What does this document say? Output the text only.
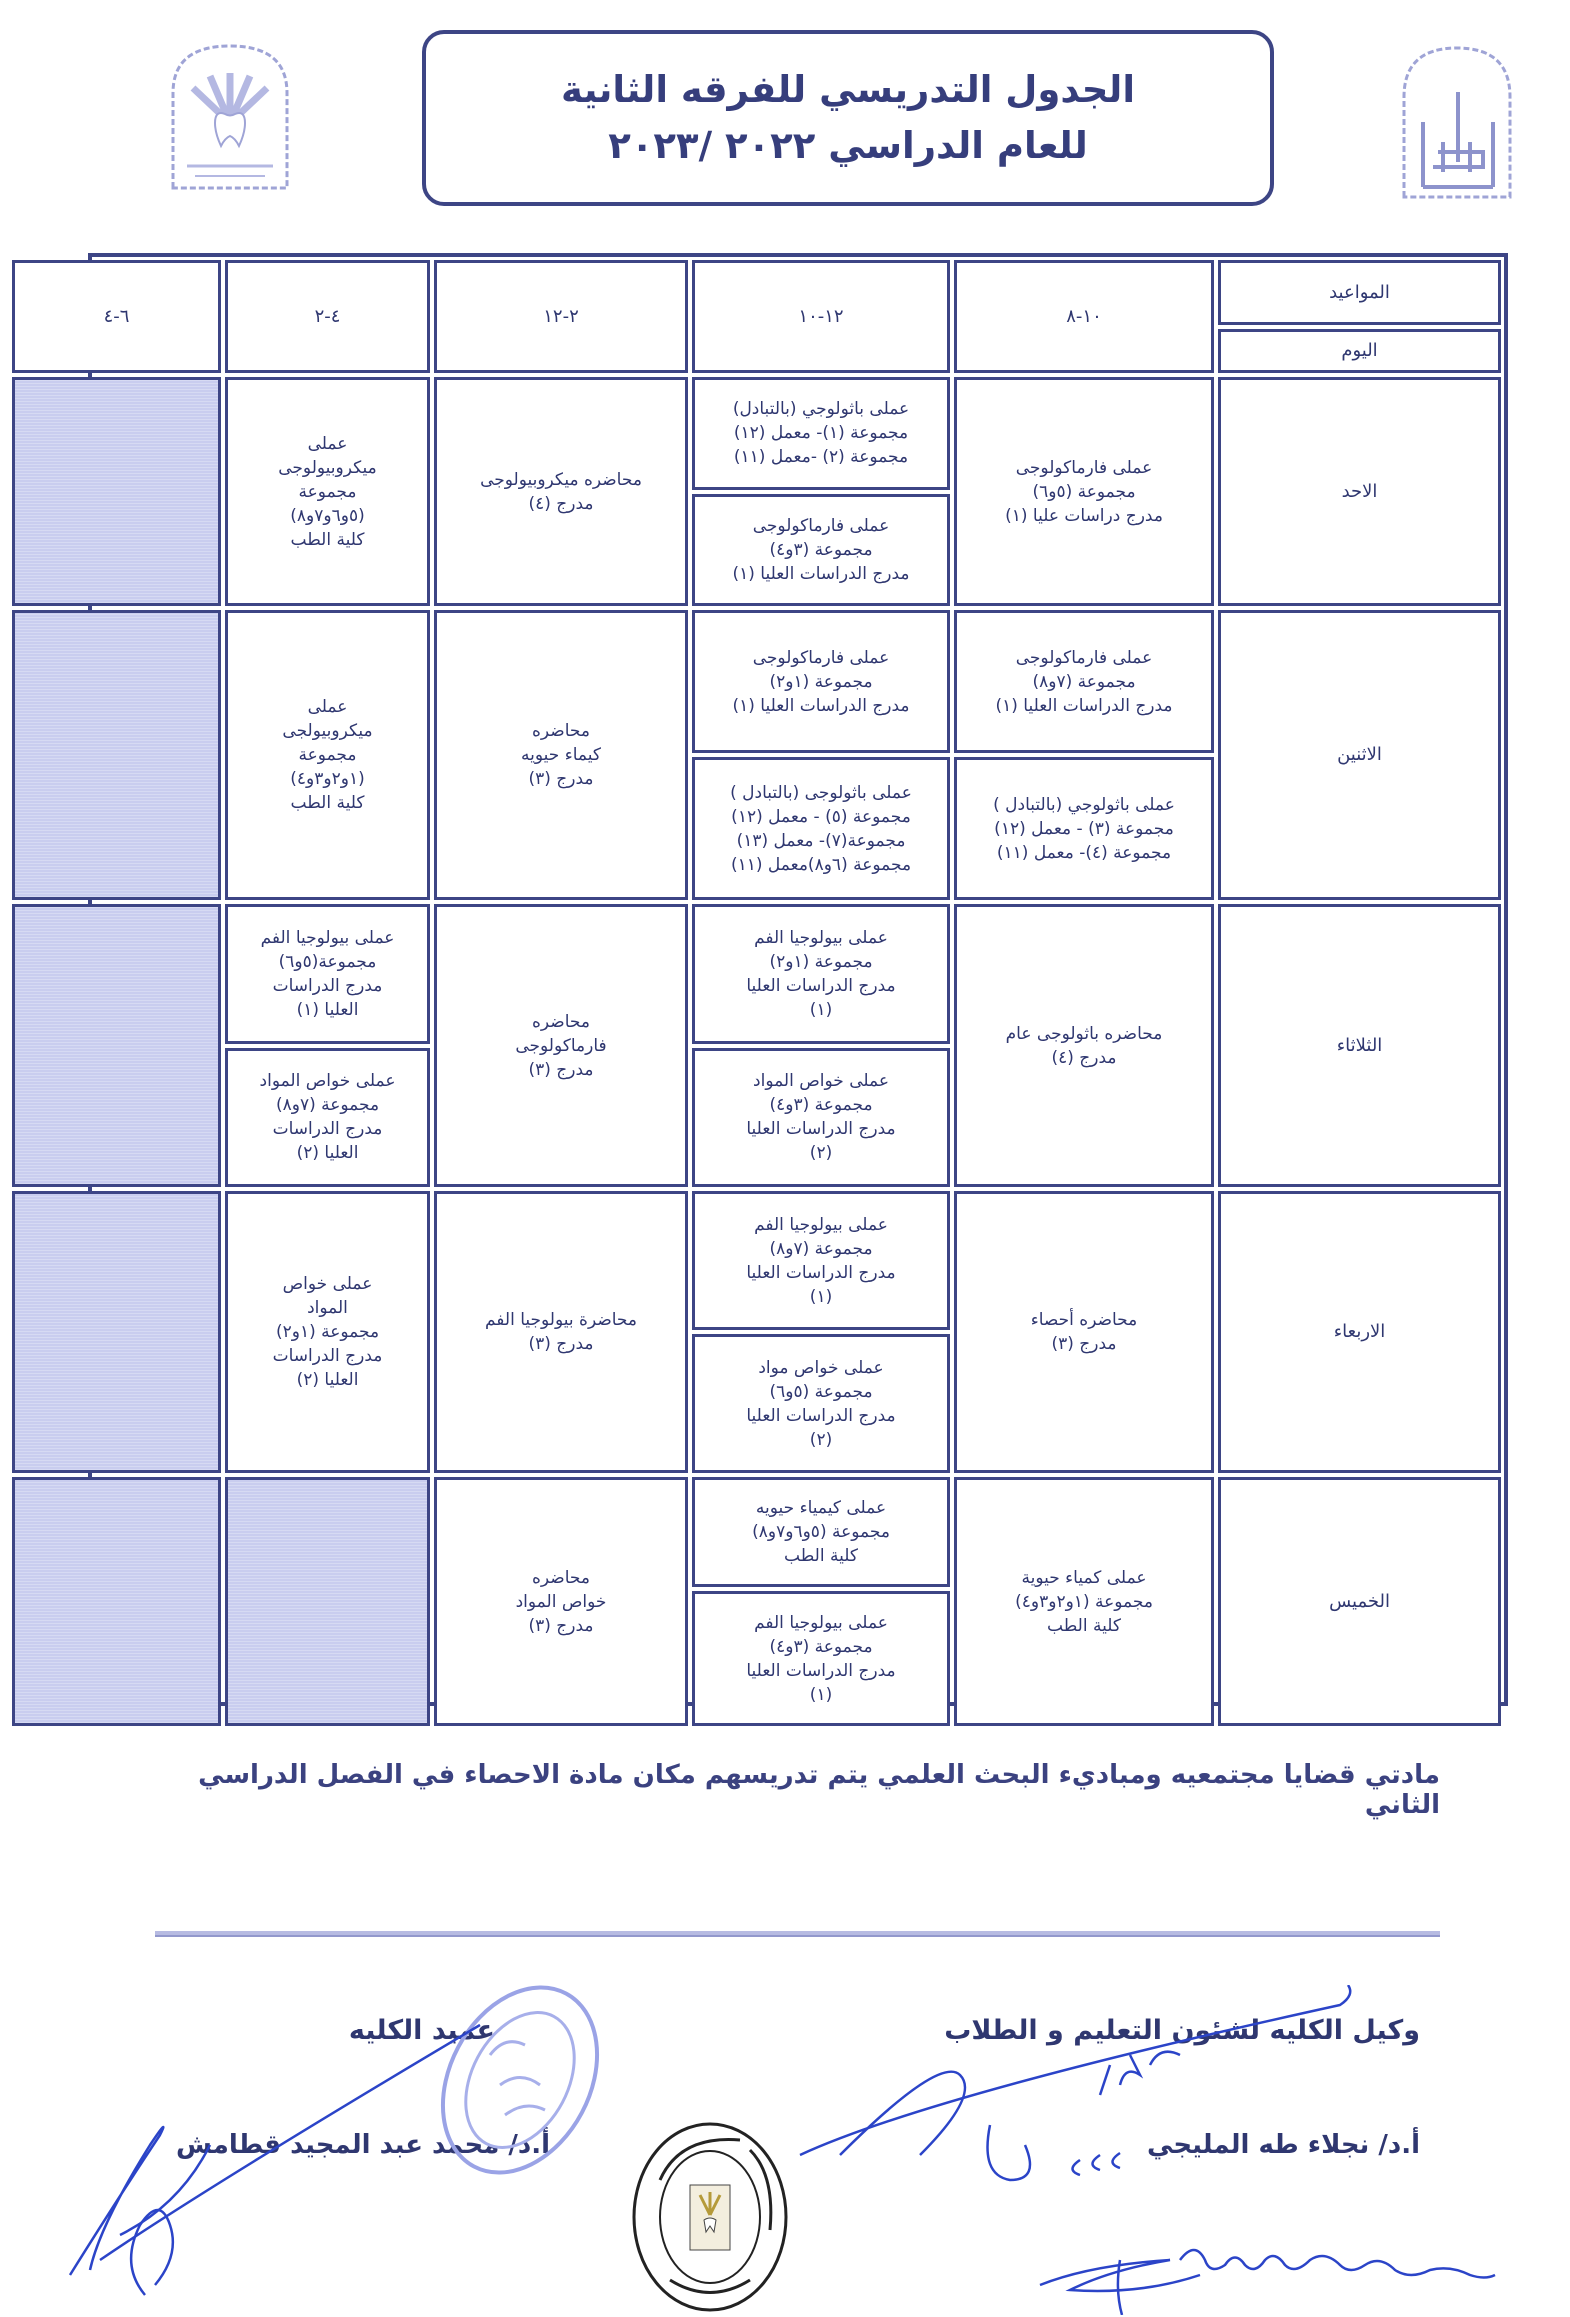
الجدول التدريسي للفرقه الثانية
للعام الدراسي ٢٠٢٢ /٢٠٢٣
المواعيد
اليوم
١٠-٨
١٢-١٠
٢-١٢
٤-٢
٦-٤
الاحد
عملى فارماكولوجى
مجموعة (٥و٦)
مدرج دراسات عليا (١)
عملى باثولوجي (بالتبادل)
مجموعة (١)- معمل (١٢)
مجموعة (٢) -معمل (١١)
عملى فارماكولوجى
مجموعة (٣و٤)
مدرج الدراسات العليا (١)
محاضره ميكروبيولوجى
مدرج (٤)
عملى
ميكروبيولوجى
مجموعة
(٥و٦و٧و٨)
كلية الطب
الاثنين
عملى فارماكولوجى
مجموعة (٧و٨)
مدرج الدراسات العليا (١)
عملى باثولوجي (بالتبادل )
مجموعة (٣) - معمل (١٢)
مجموعة (٤)- معمل (١١)
عملى فارماكولوجى
مجموعة (١و٢)
مدرج الدراسات العليا (١)
عملى باثولوجى (بالتبادل )
مجموعة (٥) - معمل (١٢)
مجموعة(٧)- معمل (١٣)
مجموعة (٦و٨)معمل (١١)
محاضره
كيماء حيويه
مدرج (٣)
عملى
ميكروبيولجى
مجموعة
(١و٢و٣و٤)
كلية الطب
الثلاثاء
محاضره باثولوجى عام
مدرج (٤)
عملى بيولوجيا الفم
مجموعة (١و٢)
مدرج الدراسات العليا
(١)
عملى خواص المواد
مجموعة (٣و٤)
مدرج الدراسات العليا
(٢)
محاضره
فارماكولوجى
مدرج (٣)
عملى بيولوجيا الفم
مجموعة(٥و٦)
مدرج الدراسات
العليا (١)
عملى خواص المواد
مجموعة (٧و٨)
مدرج الدراسات
العليا (٢)
الاربعاء
محاضره أحصاء
مدرج (٣)
عملى بيولوجيا الفم
مجموعة (٧و٨)
مدرج الدراسات العليا
(١)
عملى خواص مواد
مجموعة (٥و٦)
مدرج الدراسات العليا
(٢)
محاضرة بيولوجيا الفم
مدرج (٣)
عملى خواص
المواد
مجموعة (١و٢)
مدرج الدراسات
العليا (٢)
الخميس
عملى كمياء حيوية
مجموعة (١و٢و٣و٤)
كلية الطب
عملى كيمياء حيويه
مجموعة (٥و٦و٧و٨)
كلية الطب
عملى بيولوجيا الفم
مجموعة (٣و٤)
مدرج الدراسات العليا
(١)
محاضره
خواص المواد
مدرج (٣)
مادتي قضايا مجتمعيه ومباديء البحث العلمي يتم تدريسهم مكان مادة الاحصاء في الفصل الدراسي الثاني
وكيل الكليه لشئون التعليم و الطلاب
عميد الكليه
أ.د/ نجلاء طه المليجي
أ.د/ محمد عبد المجيد قطامش
